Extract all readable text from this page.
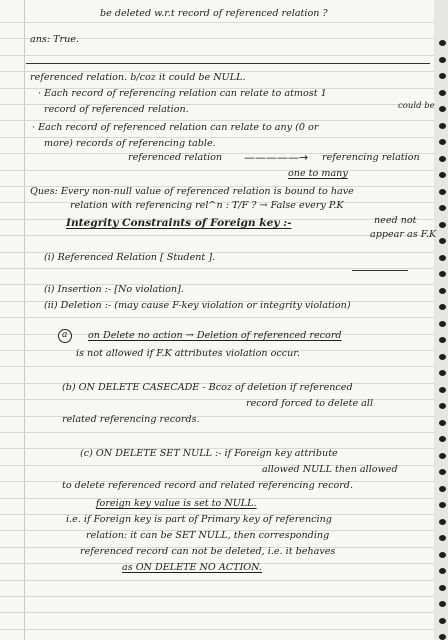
be deleted w.r.t record of referenced relation ?
ans: True.
referenced relation. b/coz it could be NULL.
· Each record of referencing relation can relate to atmost 1
could be
record of referenced relation.
· Each record of referenced relation can relate to any (0 or
more) records of referencing table.
referenced relation —————→ referencing relation
one to many
Ques: Every non-null value of referenced relation is bound to have
relation with referencing rel^n : T/F ? → False every P.K
need not
Integrity Constraints of Foreign key :-
appear as F.K
(i) Referenced Relation [ Student ].
(i) Insertion :- [No violation].
(ii) Deletion :- (may cause F-key violation or integrity violation)
a on Delete no action → Deletion of referenced record
is not allowed if F.K attributes violation occur.
(b) ON DELETE CASECADE - Bcoz of deletion if referenced
record forced to delete all
related referencing records.
(c) ON DELETE SET NULL :- if Foreign key attribute
allowed NULL then allowed
to delete referenced record and related referencing record.
foreign key value is set to NULL.
i.e. if Foreign key is part of Primary key of referencing
relation: it can be SET NULL, then corresponding
referenced record can not be deleted, i.e. it behaves
as ON DELETE NO ACTION.
